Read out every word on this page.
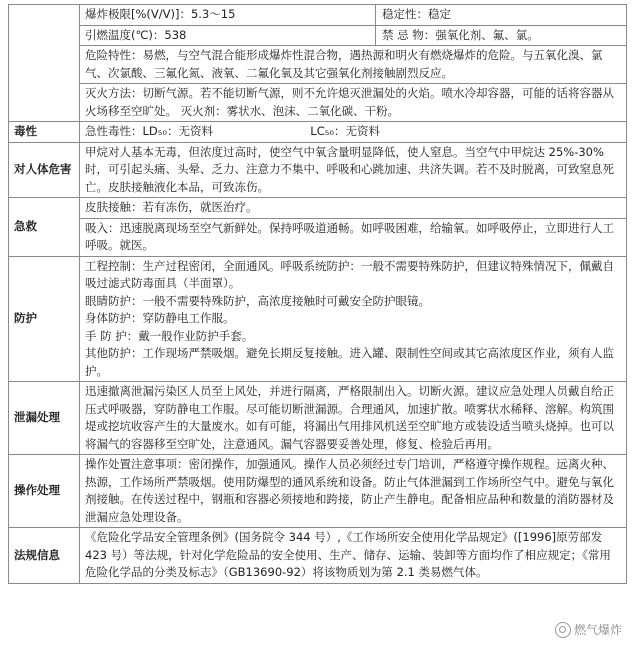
	爆炸极限[%(V/V)]：5.3～15 稳定性：稳定

	引燃温度(℃)：538 禁 忌 物：强氧化剂、氟、氯。

	危险特性：易燃，与空气混合能形成爆炸性混合物，遇热源和明火有燃烧爆炸的危险。与五氧化溴、氯气、次氯酸、三氟化氮、液氧、二氟化氧及其它强氧化剂接触剧烈反应。
	灭火方法：切断气源。若不能切断气源，则不允许熄灭泄漏处的火焰。喷水冷却容器，可能的话将容器从火场移至空旷处。 灭火剂：雾状水、泡沫、二氧化碳、干粉。
毒性	急性毒性：LD₅₀：无资料 LC₅₀：无资料
对人体危害	甲烷对人基本无毒，但浓度过高时，使空气中氧含量明显降低，使人窒息。当空气中甲烷达 25%-30%时，可引起头痛、头晕、乏力、注意力不集中、呼吸和心跳加速、共济失调。若不及时脱离，可致窒息死亡。皮肤接触液化本品，可致冻伤。
急救	皮肤接触：若有冻伤，就医治疗。
	吸入：迅速脱离现场至空气新鲜处。保持呼吸道通畅。如呼吸困难，给输氧。如呼吸停止，立即进行人工呼吸。就医。
防护	工程控制：生产过程密闭，全面通风。呼吸系统防护：一般不需要特殊防护，但建议特殊情况下，佩戴自吸过滤式防毒面具（半面罩）。

眼睛防护：一般不需要特殊防护，高浓度接触时可戴安全防护眼镜。

身体防护：穿防静电工作服。

手 防 护：戴一般作业防护手套。

其他防护：工作现场严禁吸烟。避免长期反复接触。进入罐、限制性空间或其它高浓度区作业，须有人监护。

泄漏处理	迅速撤离泄漏污染区人员至上风处，并进行隔离，严格限制出入。切断火源。建议应急处理人员戴自给正压式呼吸器，穿防静电工作服。尽可能切断泄漏源。合理通风，加速扩散。喷雾状水稀释、溶解。构筑围堤或挖坑收容产生的大量废水。如有可能，将漏出气用排风机送至空旷地方或装设适当喷头烧掉。也可以将漏气的容器移至空旷处，注意通风。漏气容器要妥善处理，修复、检验后再用。
操作处理	操作处置注意事项：密闭操作，加强通风。操作人员必须经过专门培训，严格遵守操作规程。远离火种、热源，工作场所严禁吸烟。使用防爆型的通风系统和设备。防止气体泄漏到工作场所空气中。避免与氧化剂接触。在传送过程中，钢瓶和容器必须接地和跨接，防止产生静电。配备相应品种和数量的消防器材及泄漏应急处理设备。
法规信息	《危险化学品安全管理条例》(国务院令 344 号）,《工作场所安全使用化学品规定》([1996]原劳部发 423 号）等法规，针对化学危险品的安全使用、生产、储存、运输、装卸等方面均作了相应规定；《常用危险化学品的分类及标志》（GB13690-92）将该物质划为第 2.1 类易燃气体。
燃气爆炸
